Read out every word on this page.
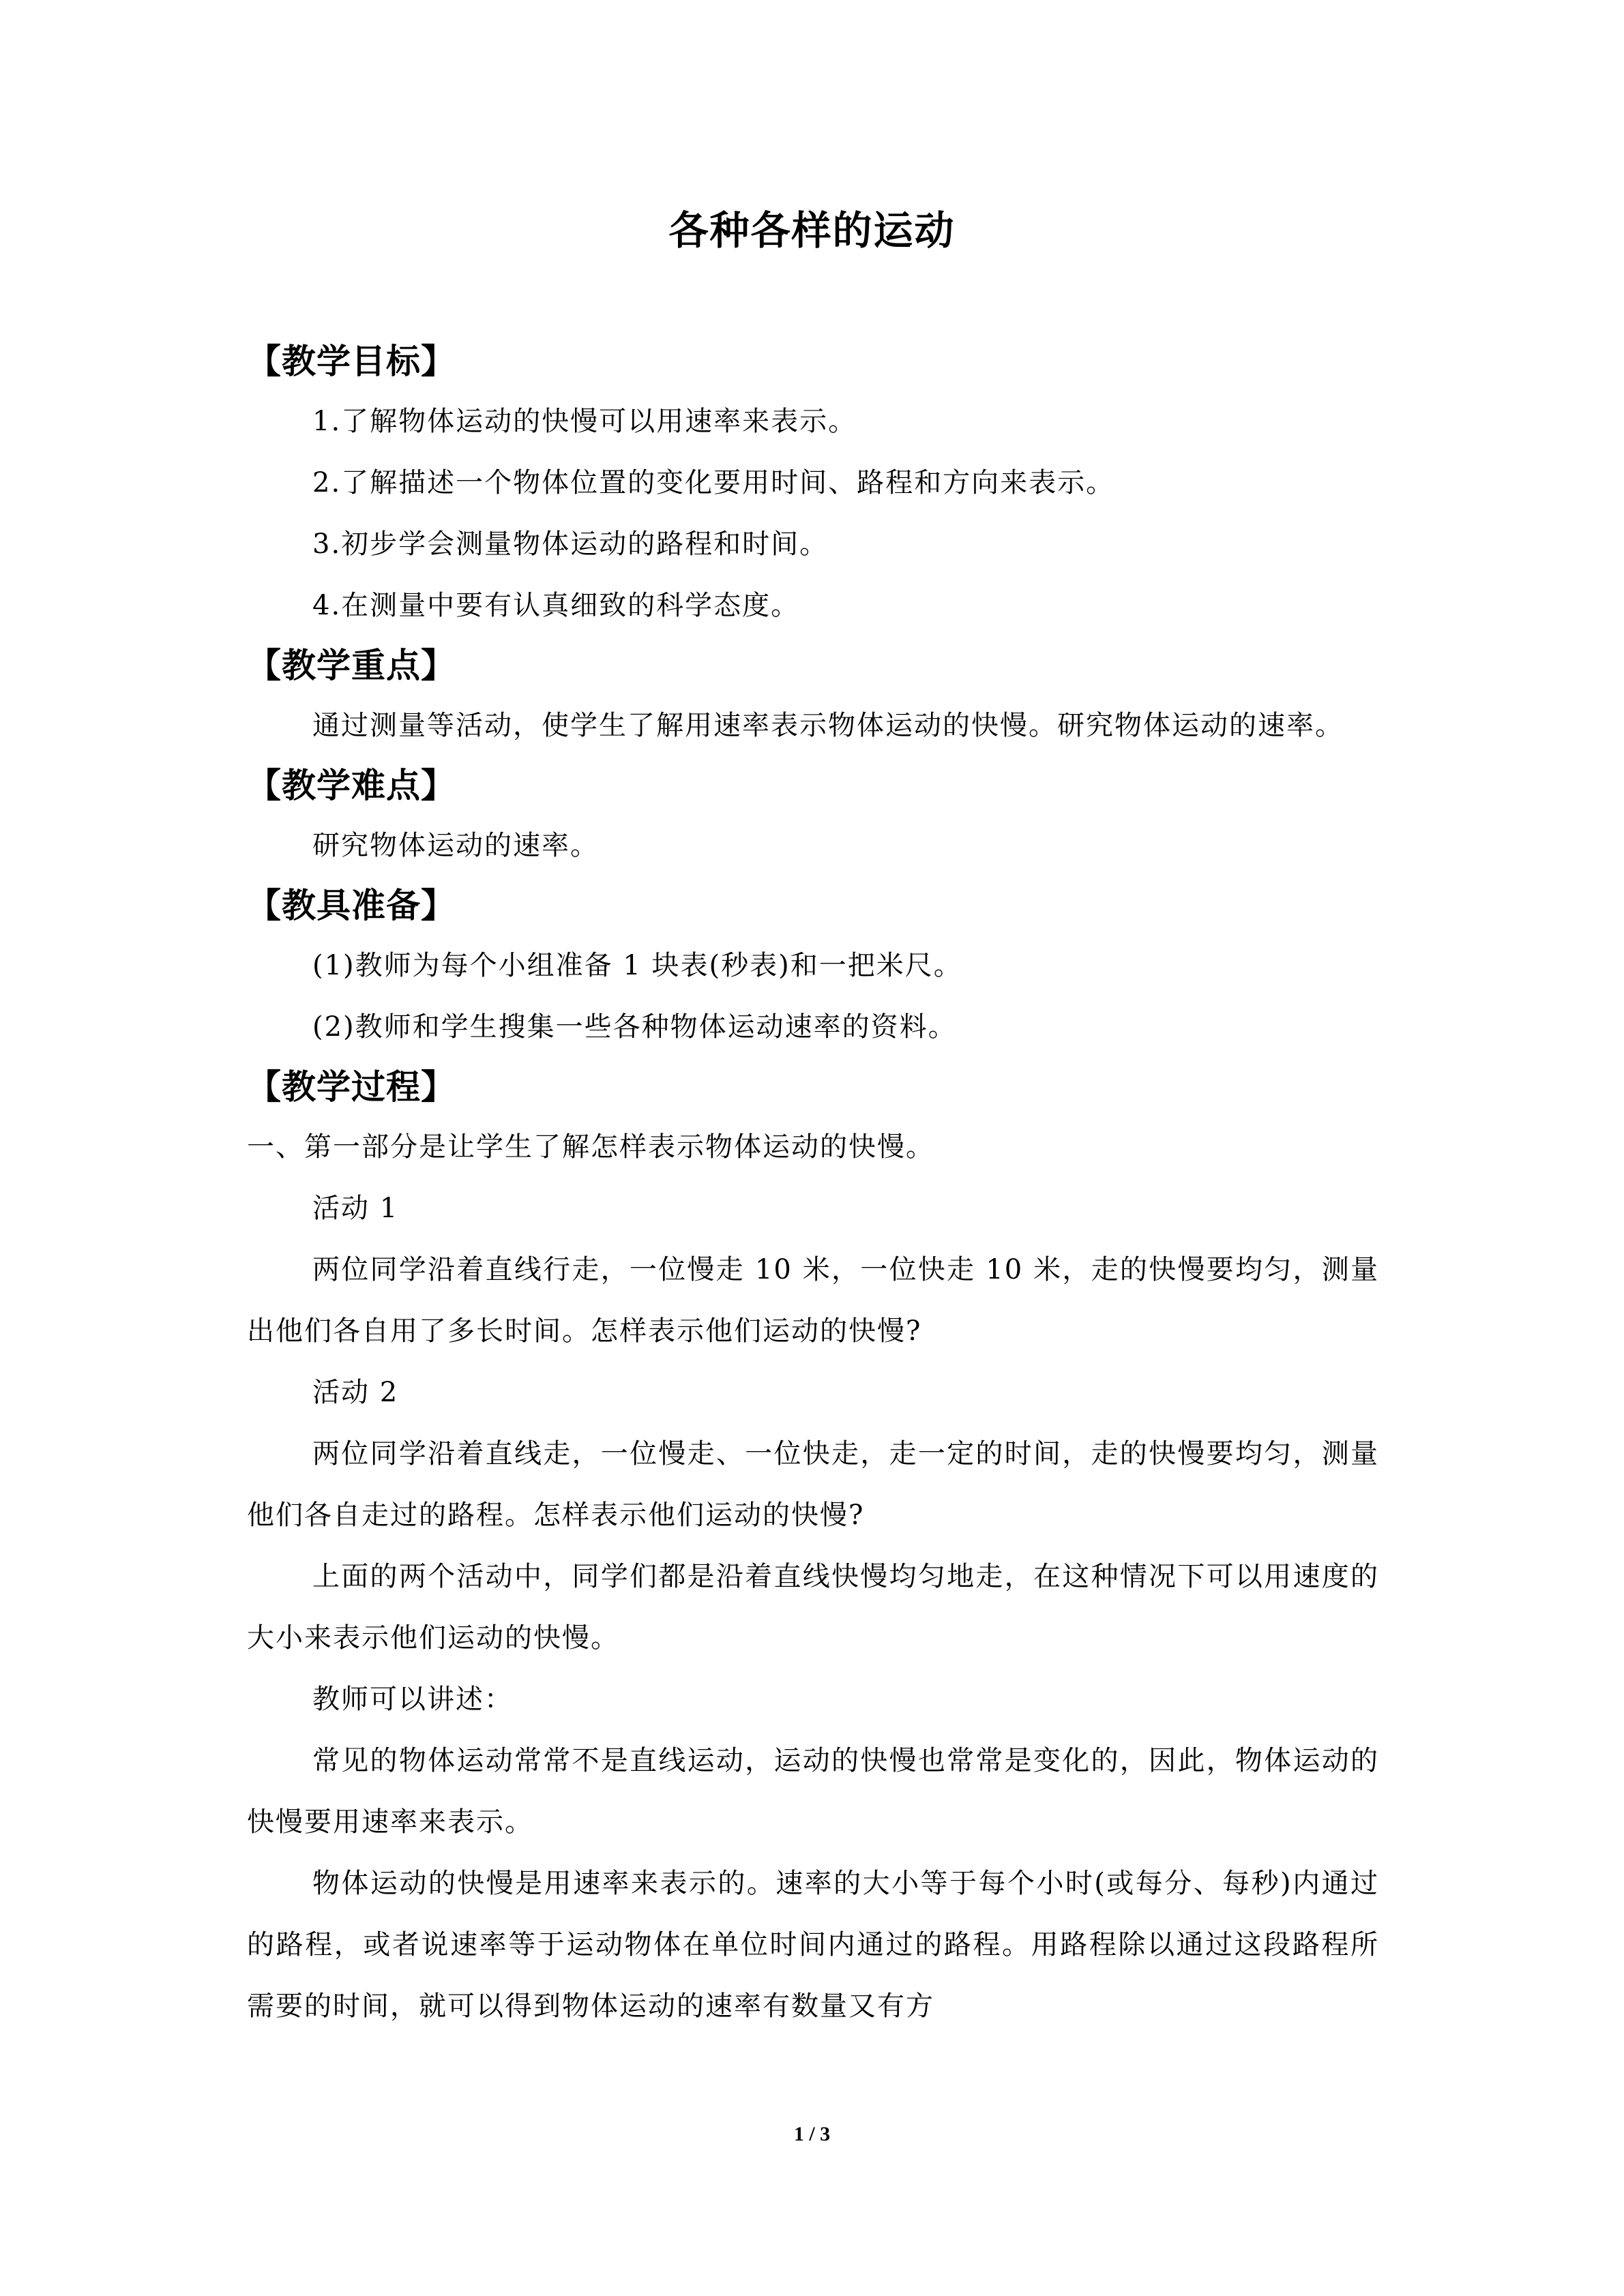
各种各样的运动
【教学目标】

1.了解物体运动的快慢可以用速率来表示。

2.了解描述一个物体位置的变化要用时间、路程和方向来表示。

3.初步学会测量物体运动的路程和时间。

4.在测量中要有认真细致的科学态度。

【教学重点】

通过测量等活动，使学生了解用速率表示物体运动的快慢。研究物体运动的速率。

【教学难点】

研究物体运动的速率。

【教具准备】

(1)教师为每个小组准备 1 块表(秒表)和一把米尺。

(2)教师和学生搜集一些各种物体运动速率的资料。

【教学过程】

一、第一部分是让学生了解怎样表示物体运动的快慢。

活动 1

两位同学沿着直线行走，一位慢走 10 米，一位快走 10 米，走的快慢要均匀，测量出他们各自用了多长时间。怎样表示他们运动的快慢?

活动 2

两位同学沿着直线走，一位慢走、一位快走，走一定的时间，走的快慢要均匀，测量他们各自走过的路程。怎样表示他们运动的快慢?

上面的两个活动中，同学们都是沿着直线快慢均匀地走，在这种情况下可以用速度的大小来表示他们运动的快慢。

教师可以讲述：

常见的物体运动常常不是直线运动，运动的快慢也常常是变化的，因此，物体运动的快慢要用速率来表示。

物体运动的快慢是用速率来表示的。速率的大小等于每个小时(或每分、每秒)内通过的路程，或者说速率等于运动物体在单位时间内通过的路程。用路程除以通过这段路程所需要的时间，就可以得到物体运动的速率有数量又有方

1 / 3
